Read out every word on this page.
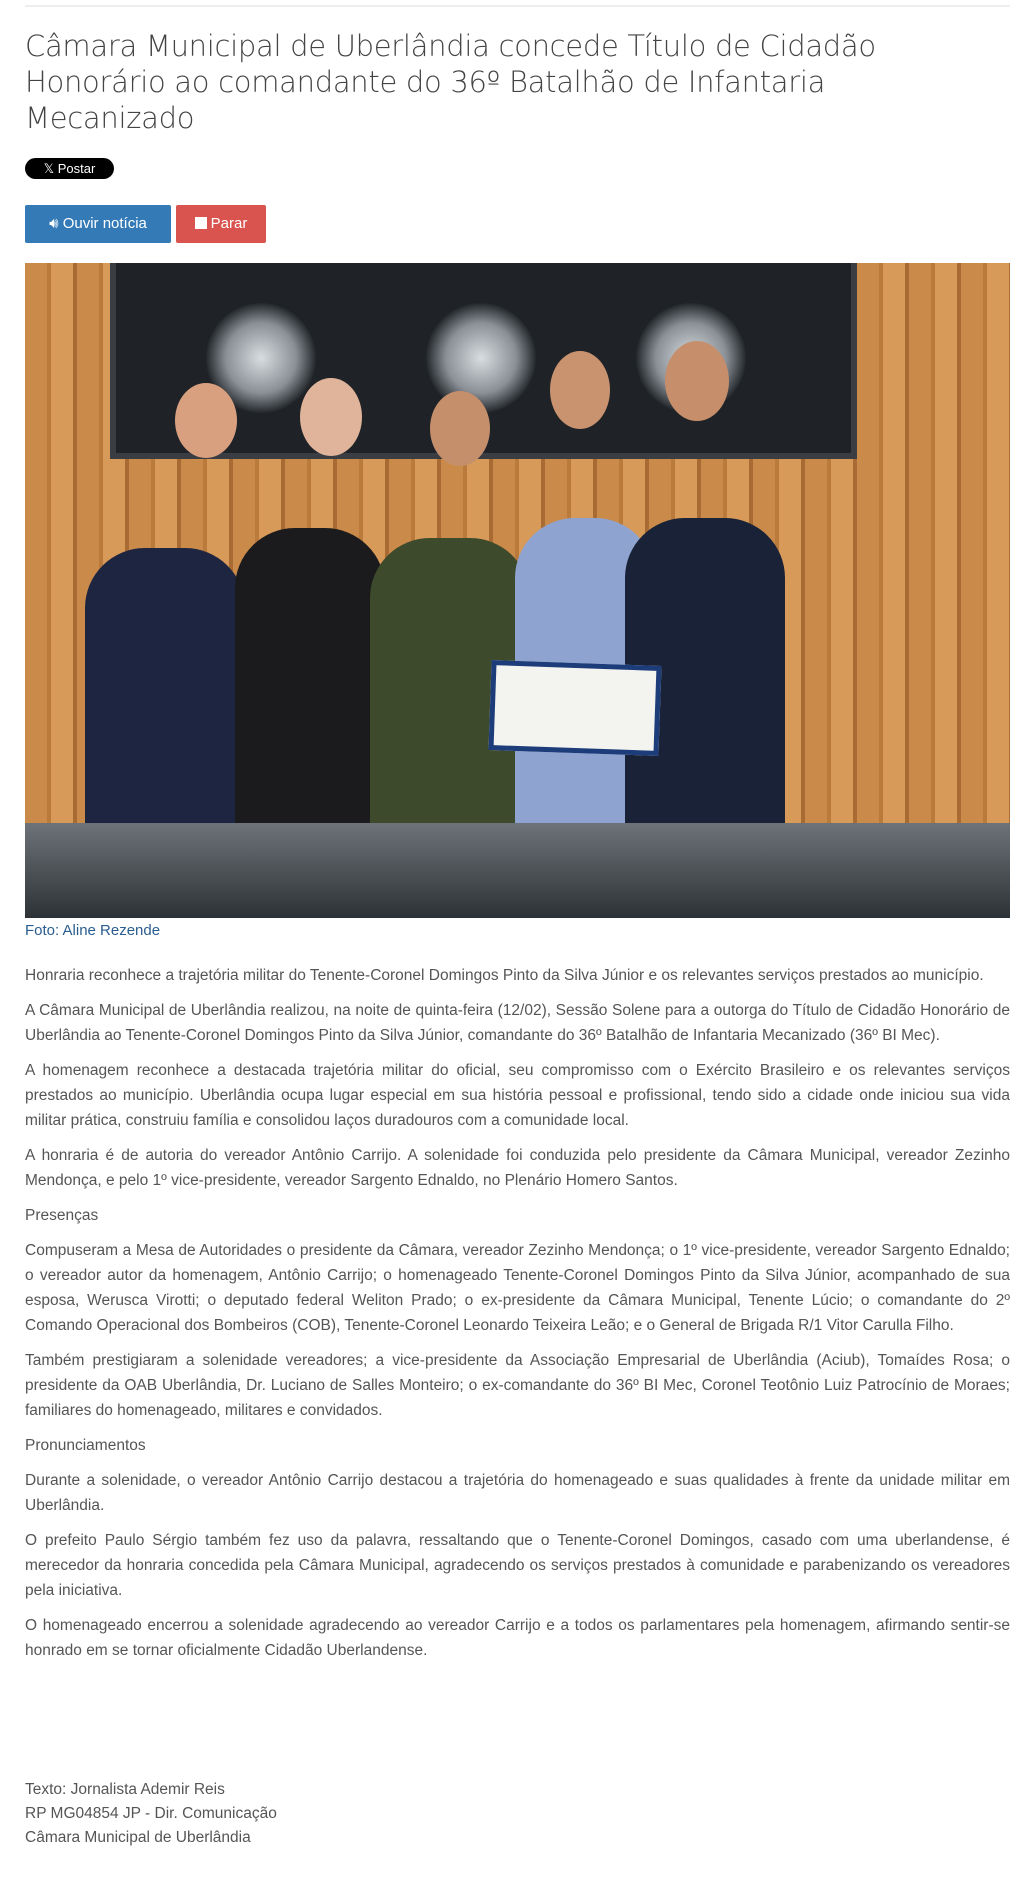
Câmara Municipal de Uberlândia concede Título de Cidadão Honorário ao comandante do 36º Batalhão de Infantaria Mecanizado
𝕏 Postar
🔊︎ Ouvir notícia	Parar
Foto: Aline Rezende

Honraria reconhece a trajetória militar do Tenente-Coronel Domingos Pinto da Silva Júnior e os relevantes serviços prestados ao município.

A Câmara Municipal de Uberlândia realizou, na noite de quinta-feira (12/02), Sessão Solene para a outorga do Título de Cidadão Honorário de Uberlândia ao Tenente-Coronel Domingos Pinto da Silva Júnior, comandante do 36º Batalhão de Infantaria Mecanizado (36º BI Mec).

A homenagem reconhece a destacada trajetória militar do oficial, seu compromisso com o Exército Brasileiro e os relevantes serviços prestados ao município. Uberlândia ocupa lugar especial em sua história pessoal e profissional, tendo sido a cidade onde iniciou sua vida militar prática, construiu família e consolidou laços duradouros com a comunidade local.

A honraria é de autoria do vereador Antônio Carrijo. A solenidade foi conduzida pelo presidente da Câmara Municipal, vereador Zezinho Mendonça, e pelo 1º vice-presidente, vereador Sargento Ednaldo, no Plenário Homero Santos.

Presenças

Compuseram a Mesa de Autoridades o presidente da Câmara, vereador Zezinho Mendonça; o 1º vice-presidente, vereador Sargento Ednaldo; o vereador autor da homenagem, Antônio Carrijo; o homenageado Tenente-Coronel Domingos Pinto da Silva Júnior, acompanhado de sua esposa, Werusca Virotti; o deputado federal Weliton Prado; o ex-presidente da Câmara Municipal, Tenente Lúcio; o comandante do 2º Comando Operacional dos Bombeiros (COB), Tenente-Coronel Leonardo Teixeira Leão; e o General de Brigada R/1 Vitor Carulla Filho.

Também prestigiaram a solenidade vereadores; a vice-presidente da Associação Empresarial de Uberlândia (Aciub), Tomaídes Rosa; o presidente da OAB Uberlândia, Dr. Luciano de Salles Monteiro; o ex-comandante do 36º BI Mec, Coronel Teotônio Luiz Patrocínio de Moraes; familiares do homenageado, militares e convidados.

Pronunciamentos

Durante a solenidade, o vereador Antônio Carrijo destacou a trajetória do homenageado e suas qualidades à frente da unidade militar em Uberlândia.

O prefeito Paulo Sérgio também fez uso da palavra, ressaltando que o Tenente-Coronel Domingos, casado com uma uberlandense, é merecedor da honraria concedida pela Câmara Municipal, agradecendo os serviços prestados à comunidade e parabenizando os vereadores pela iniciativa.

O homenageado encerrou a solenidade agradecendo ao vereador Carrijo e a todos os parlamentares pela homenagem, afirmando sentir-se honrado em se tornar oficialmente Cidadão Uberlandense.

Texto: Jornalista Ademir Reis
RP MG04854 JP - Dir. Comunicação
Câmara Municipal de Uberlândia
